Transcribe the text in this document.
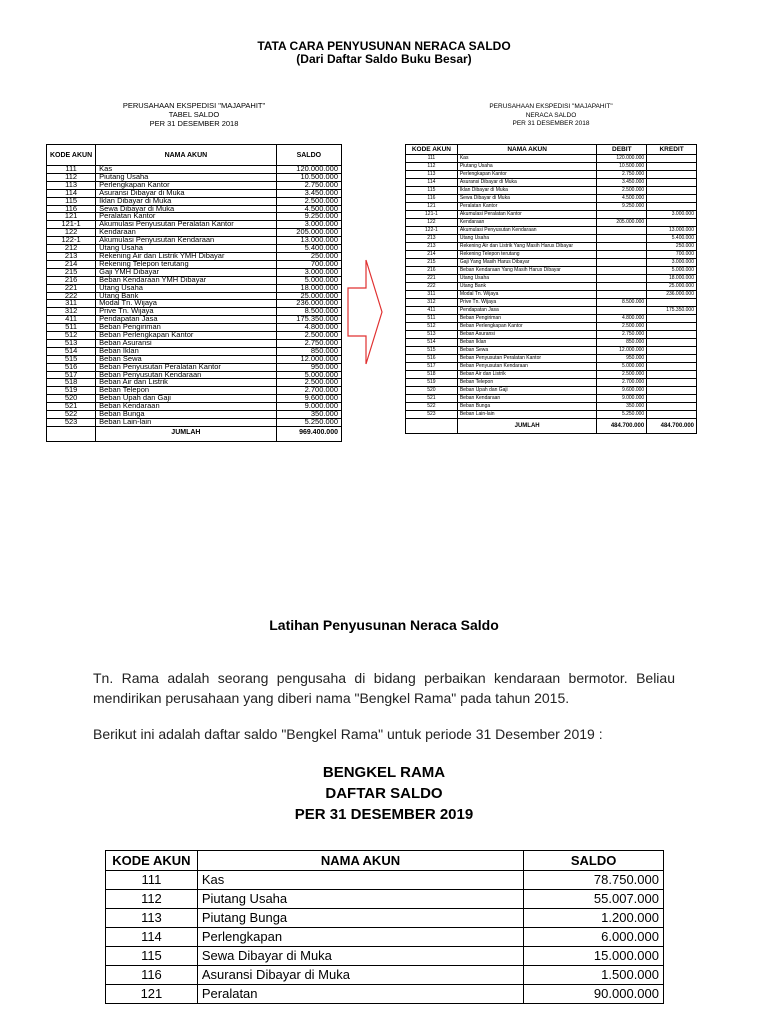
TATA CARA PENYUSUNAN NERACA SALDO
(Dari Daftar Saldo Buku Besar)
PERUSAHAAN EKSPEDISI "MAJAPAHIT"
TABEL SALDO
PER 31 DESEMBER 2018
KODE AKUN	NAMA AKUN	SALDO
111	Kas	120.000.000
112	Piutang Usaha	10.500.000
113	Perlengkapan Kantor	2.750.000
114	Asuransi Dibayar di Muka	3.450.000
115	Iklan Dibayar di Muka	2.500.000
116	Sewa Dibayar di Muka	4.500.000
121	Peralatan Kantor	9.250.000
121-1	Akumulasi Penyusutan Peralatan Kantor	3.000.000
122	Kendaraan	205.000.000
122-1	Akumulasi Penyusutan Kendaraan	13.000.000
212	Utang Usaha	5.400.000
213	Rekening Air dan Listrik YMH Dibayar	250.000
214	Rekening Telepon terutang	700.000
215	Gaji YMH Dibayar	3.000.000
216	Beban Kendaraan YMH Dibayar	5.000.000
221	Utang Usaha	18.000.000
222	Utang Bank	25.000.000
311	Modal Tn. Wijaya	236.000.000
312	Prive Tn. Wijaya	8.500.000
411	Pendapatan Jasa	175.350.000
511	Beban Pengiriman	4.800.000
512	Beban Perlengkapan Kantor	2.500.000
513	Beban Asuransi	2.750.000
514	Beban Iklan	850.000
515	Beban Sewa	12.000.000
516	Beban Penyusutan Peralatan Kantor	950.000
517	Beban Penyusutan Kendaraan	5.000.000
518	Beban Air dan Listrik	2.500.000
519	Beban Telepon	2.700.000
520	Beban Upah dan Gaji	9.600.000
521	Beban Kendaraan	9.000.000
522	Beban Bunga	350.000
523	Beban Lain-lain	5.250.000
	JUMLAH	969.400.000
PERUSAHAAN EKSPEDISI "MAJAPAHIT"
NERACA SALDO
PER 31 DESEMBER 2018
KODE AKUN	NAMA AKUN	DEBIT	KREDIT
111	Kas	120.000.000	
112	Piutang Usaha	10.500.000	
113	Perlengkapan Kantor	2.750.000	
114	Asuransi Dibayar di Muka	3.450.000	
115	Iklan Dibayar di Muka	2.500.000	
116	Sewa Dibayar di Muka	4.500.000	
121	Peralatan Kantor	9.250.000	
121-1	Akumulasi Peralatan Kantor		3.000.000
122	Kendaraan	205.000.000	
122-1	Akumulasi Penyusutan Kendaraan		13.000.000
213	Utang Usaha		5.400.000
213	Rekening Air dan Listrik Yang Masih Harus Dibayar		250.000
214	Rekening Telepon terutang		700.000
215	Gaji Yang Masih Harus Dibayar		3.000.000
216	Beban Kendaraan Yang Masih Harus Dibayar		5.000.000
221	Utang Usaha		18.000.000
222	Utang Bank		25.000.000
311	Modal Tn. Wijaya		236.000.000
312	Prive Tn. Wijaya	8.500.000	
411	Pendapatan Jasa		175.350.000
511	Beban Pengiriman	4.800.000	
512	Beban Perlengkapan Kantor	2.500.000	
513	Beban Asuransi	2.750.000	
514	Beban Iklan	850.000	
515	Beban Sewa	12.000.000	
516	Beban Penyusutan Peralatan Kantor	950.000	
517	Beban Penyusutan Kendaraan	5.000.000	
518	Beban Air dan Listrik	2.500.000	
519	Beban Telepon	2.700.000	
520	Beban Upah dan Gaji	9.600.000	
521	Beban Kendaraan	9.000.000	
522	Beban Bunga	350.000	
523	Beban Lain-lain	5.250.000	
	JUMLAH	484.700.000	484.700.000
Latihan Penyusunan Neraca Saldo
Tn. Rama adalah seorang pengusaha di bidang perbaikan kendaraan bermotor. Beliau mendirikan perusahaan yang diberi nama "Bengkel Rama" pada tahun 2015.
Berikut ini adalah daftar saldo "Bengkel Rama" untuk periode 31 Desember 2019 :
BENGKEL RAMA
DAFTAR SALDO
PER 31 DESEMBER 2019
KODE AKUN	NAMA AKUN	SALDO
111	Kas	78.750.000
112	Piutang Usaha	55.007.000
113	Piutang Bunga	1.200.000
114	Perlengkapan	6.000.000
115	Sewa Dibayar di Muka	15.000.000
116	Asuransi Dibayar di Muka	1.500.000
121	Peralatan	90.000.000
